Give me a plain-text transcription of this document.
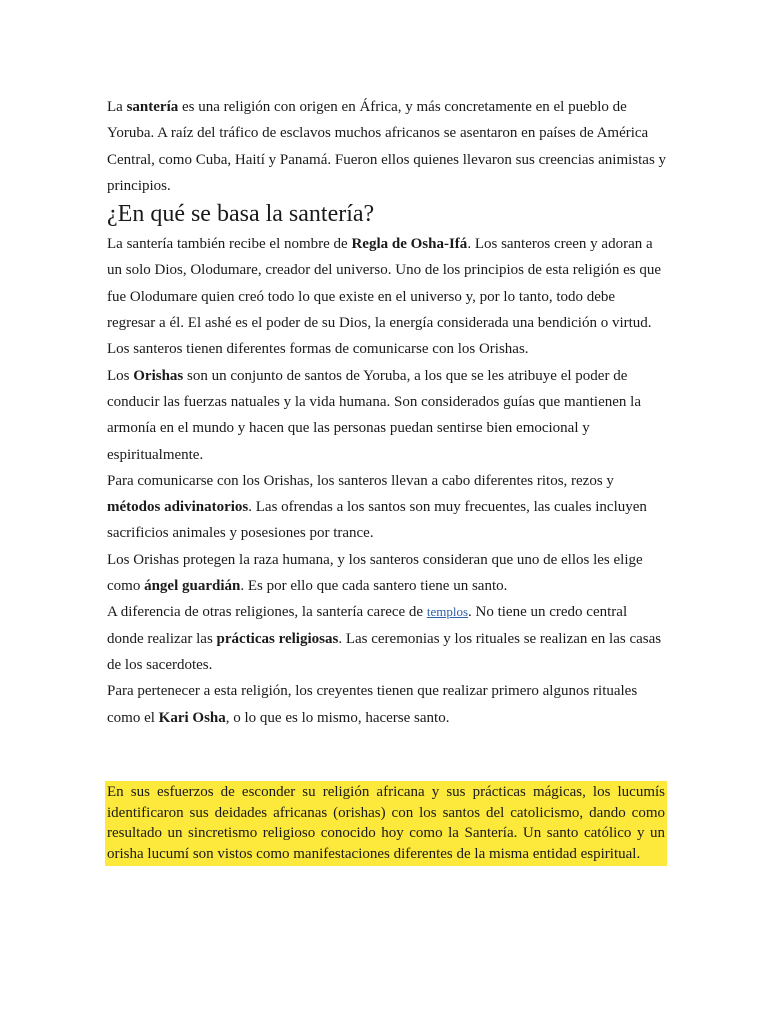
La santería es una religión con origen en África, y más concretamente en el pueblo de Yoruba. A raíz del tráfico de esclavos muchos africanos se asentaron en países de América Central, como Cuba, Haití y Panamá. Fueron ellos quienes llevaron sus creencias animistas y principios.

¿En qué se basa la santería?

La santería también recibe el nombre de Regla de Osha-Ifá. Los santeros creen y adoran a un solo Dios, Olodumare, creador del universo. Uno de los principios de esta religión es que fue Olodumare quien creó todo lo que existe en el universo y, por lo tanto, todo debe regresar a él. El ashé es el poder de su Dios, la energía considerada una bendición o virtud.

Los santeros tienen diferentes formas de comunicarse con los Orishas.

Los Orishas son un conjunto de santos de Yoruba, a los que se les atribuye el poder de conducir las fuerzas natuales y la vida humana. Son considerados guías que mantienen la armonía en el mundo y hacen que las personas puedan sentirse bien emocional y espiritualmente.

Para comunicarse con los Orishas, los santeros llevan a cabo diferentes ritos, rezos y métodos adivinatorios. Las ofrendas a los santos son muy frecuentes, las cuales incluyen sacrificios animales y posesiones por trance.

Los Orishas protegen la raza humana, y los santeros consideran que uno de ellos les elige como ángel guardián. Es por ello que cada santero tiene un santo.

A diferencia de otras religiones, la santería carece de templos. No tiene un credo central donde realizar las prácticas religiosas. Las ceremonias y los rituales se realizan en las casas de los sacerdotes.

Para pertenecer a esta religión, los creyentes tienen que realizar primero algunos rituales como el Kari Osha, o lo que es lo mismo, hacerse santo.

En sus esfuerzos de esconder su religión africana y sus prácticas mágicas, los lucumís identificaron sus deidades africanas (orishas) con los santos del catolicismo, dando como resultado un sincretismo religioso conocido hoy como la Santería. Un santo católico y un orisha lucumí son vistos como manifestaciones diferentes de la misma entidad espiritual.
